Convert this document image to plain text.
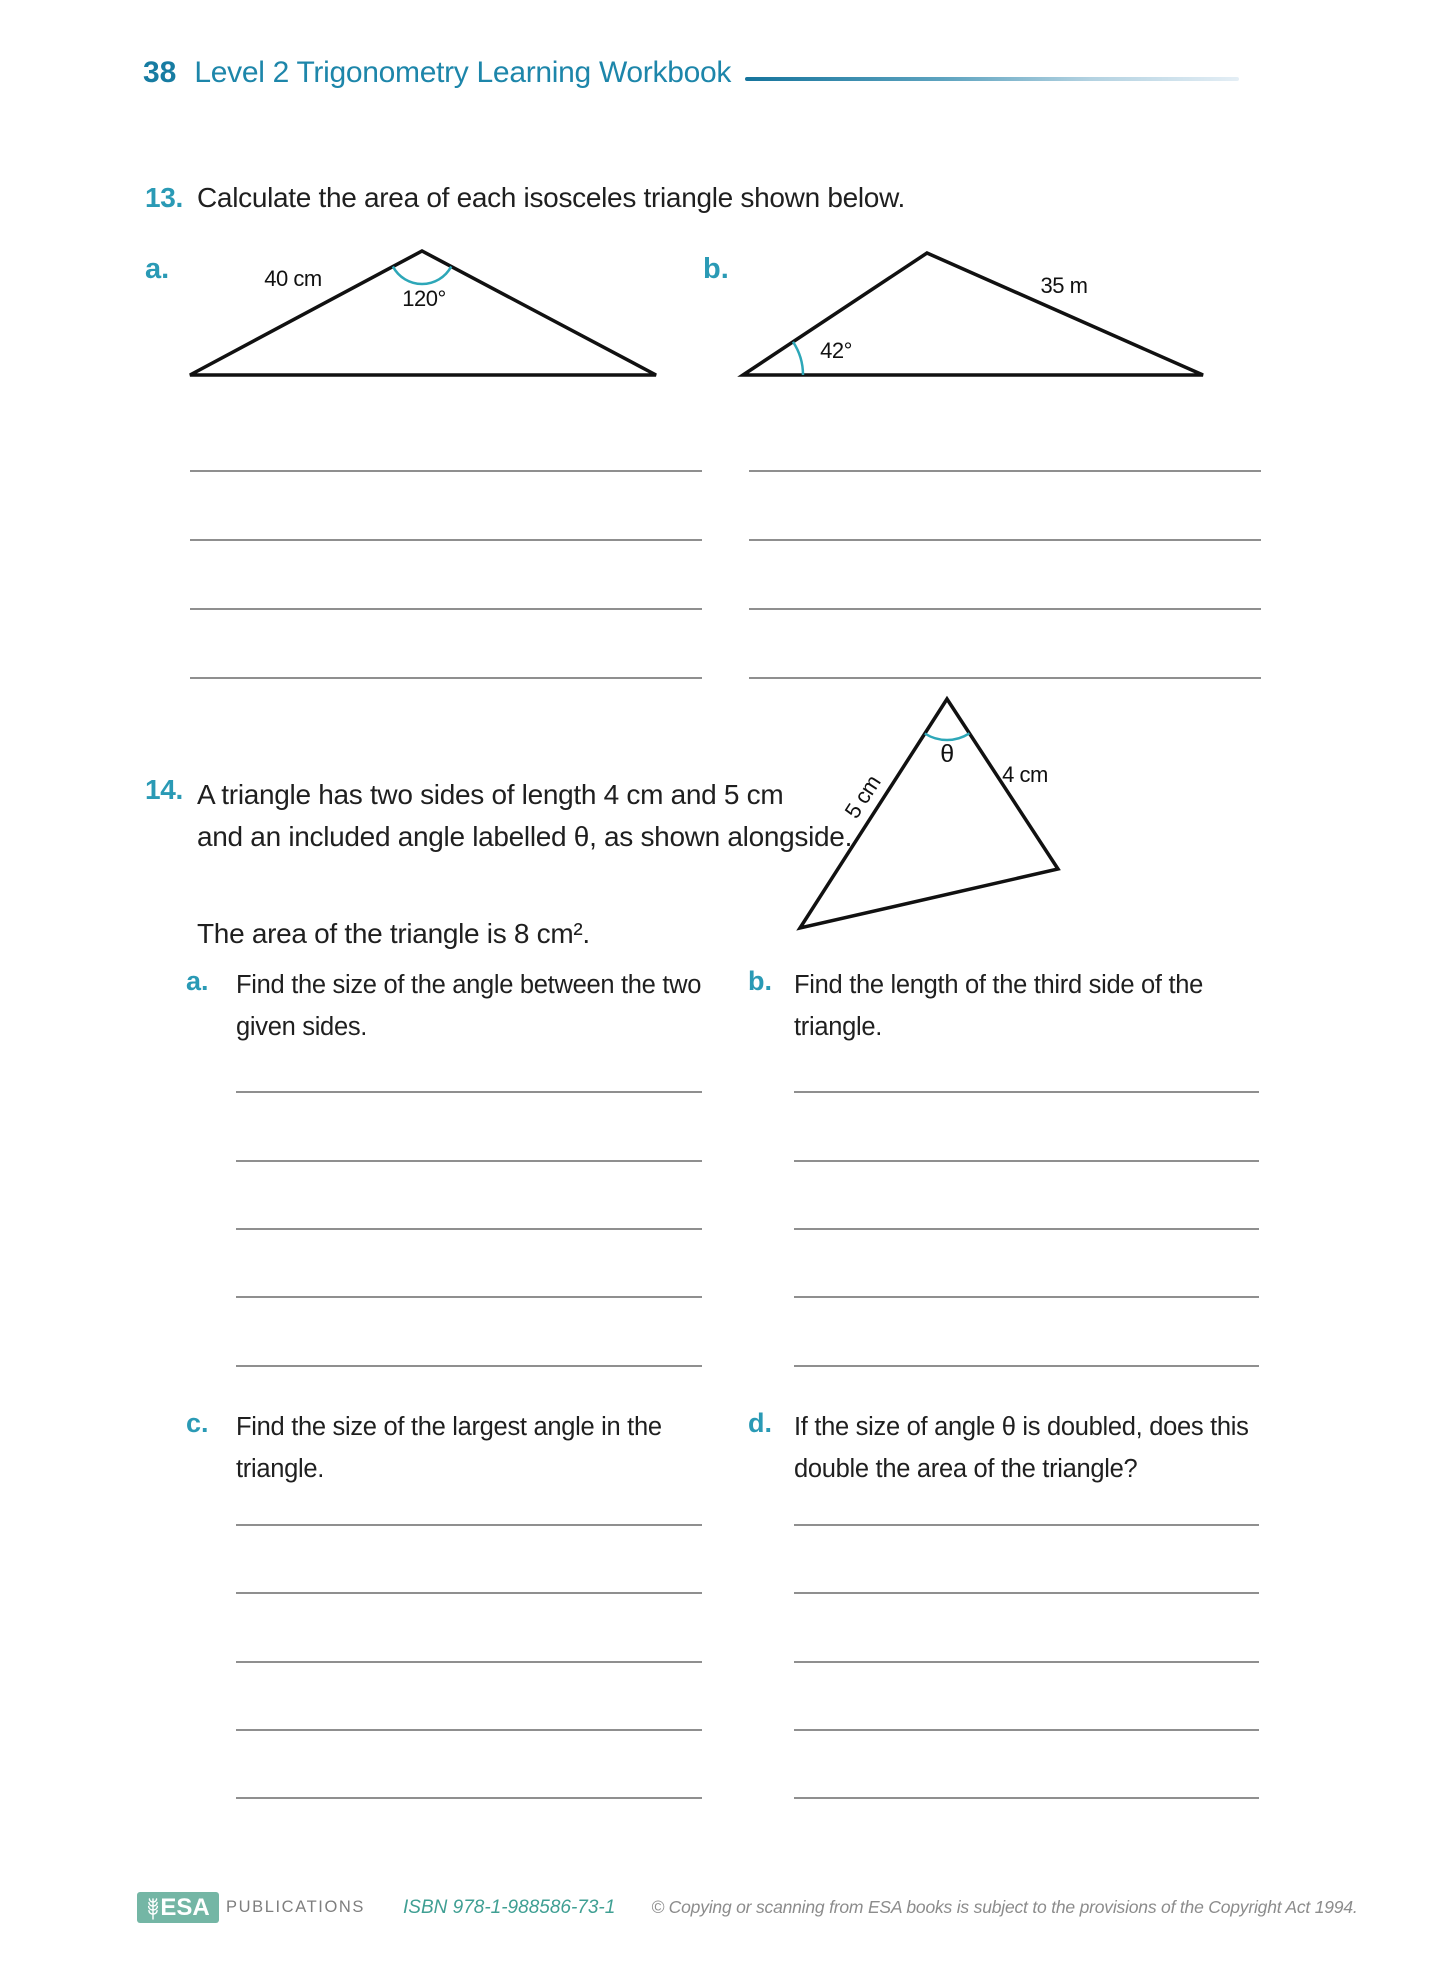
38 Level 2 Trigonometry Learning Workbook
13. Calculate the area of each isosceles triangle shown below.
a.	b.
40 cm
120°
35 m
42°
14. A triangle has two sides of length 4 cm and 5 cm
and an included angle labelled θ, as shown alongside.
The area of the triangle is 8 cm².
θ
5 cm	4 cm
a. Find the size of the angle between the two
given sides.
b. Find the length of the third side of the
triangle.
c. Find the size of the largest angle in the
triangle.
d. If the size of angle θ is doubled, does this
double the area of the triangle?
ESA PUBLICATIONS ISBN 978-1-988586-73-1 © Copying or scanning from ESA books is subject to the provisions of the Copyright Act 1994.
